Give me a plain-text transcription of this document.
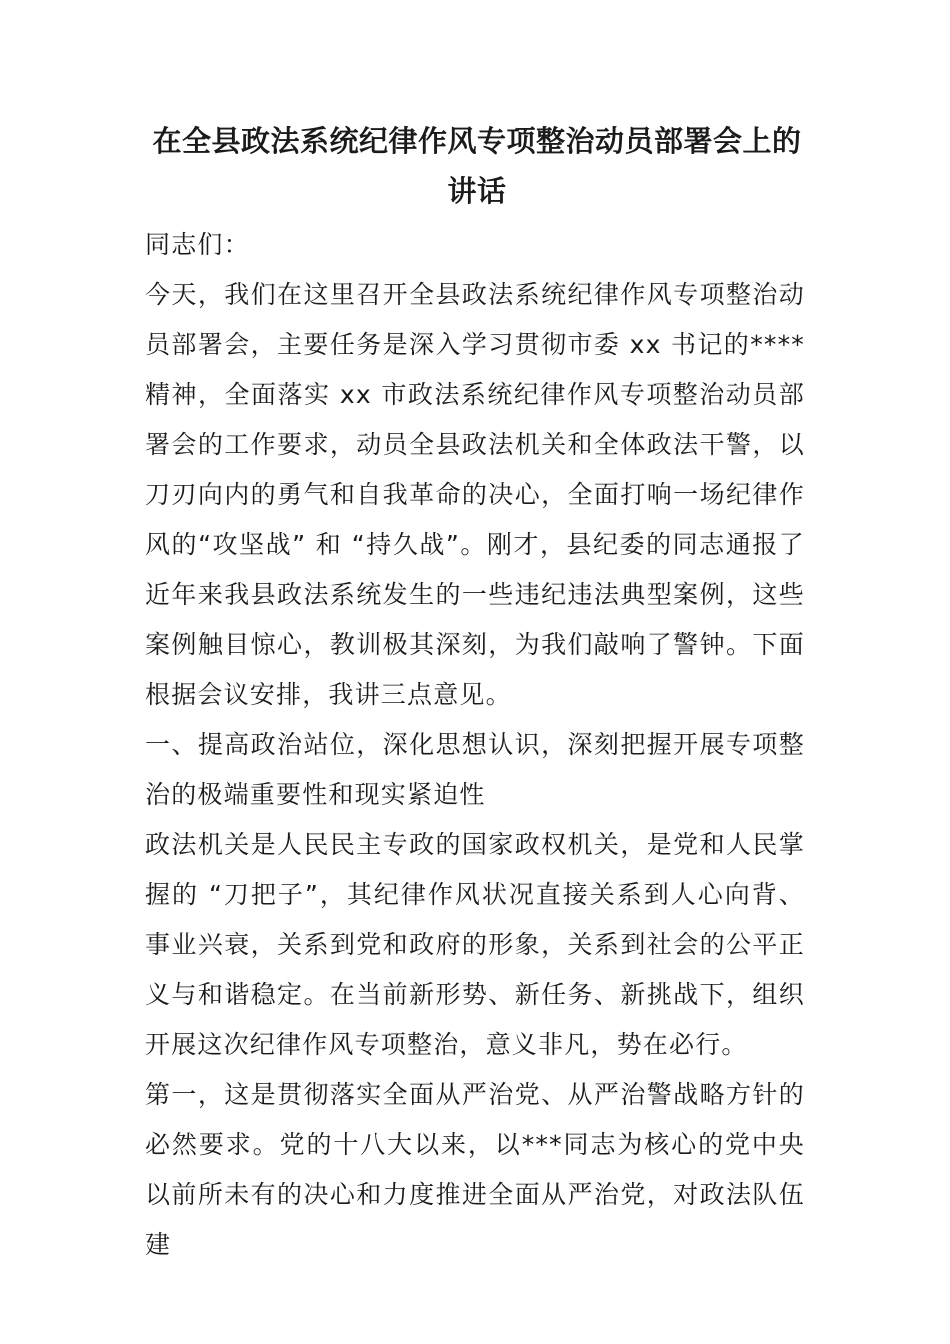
在全县政法系统纪律作风专项整治动员部署会上的讲话

同志们：

今天，我们在这里召开全县政法系统纪律作风专项整治动员部署会，主要任务是深入学习贯彻市委 xx 书记的****精神，全面落实 xx 市政法系统纪律作风专项整治动员部署会的工作要求，动员全县政法机关和全体政法干警，以刀刃向内的勇气和自我革命的决心，全面打响一场纪律作风的“攻坚战” 和 “持久战”。刚才，县纪委的同志通报了近年来我县政法系统发生的一些违纪违法典型案例，这些案例触目惊心，教训极其深刻，为我们敲响了警钟。下面根据会议安排，我讲三点意见。

一、提高政治站位，深化思想认识，深刻把握开展专项整治的极端重要性和现实紧迫性

政法机关是人民民主专政的国家政权机关，是党和人民掌握的 “刀把子”，其纪律作风状况直接关系到人心向背、事业兴衰，关系到党和政府的形象，关系到社会的公平正义与和谐稳定。在当前新形势、新任务、新挑战下，组织开展这次纪律作风专项整治，意义非凡，势在必行。

第一，这是贯彻落实全面从严治党、从严治警战略方针的必然要求。党的十八大以来，以***同志为核心的党中央以前所未有的决心和力度推进全面从严治党，对政法队伍建
